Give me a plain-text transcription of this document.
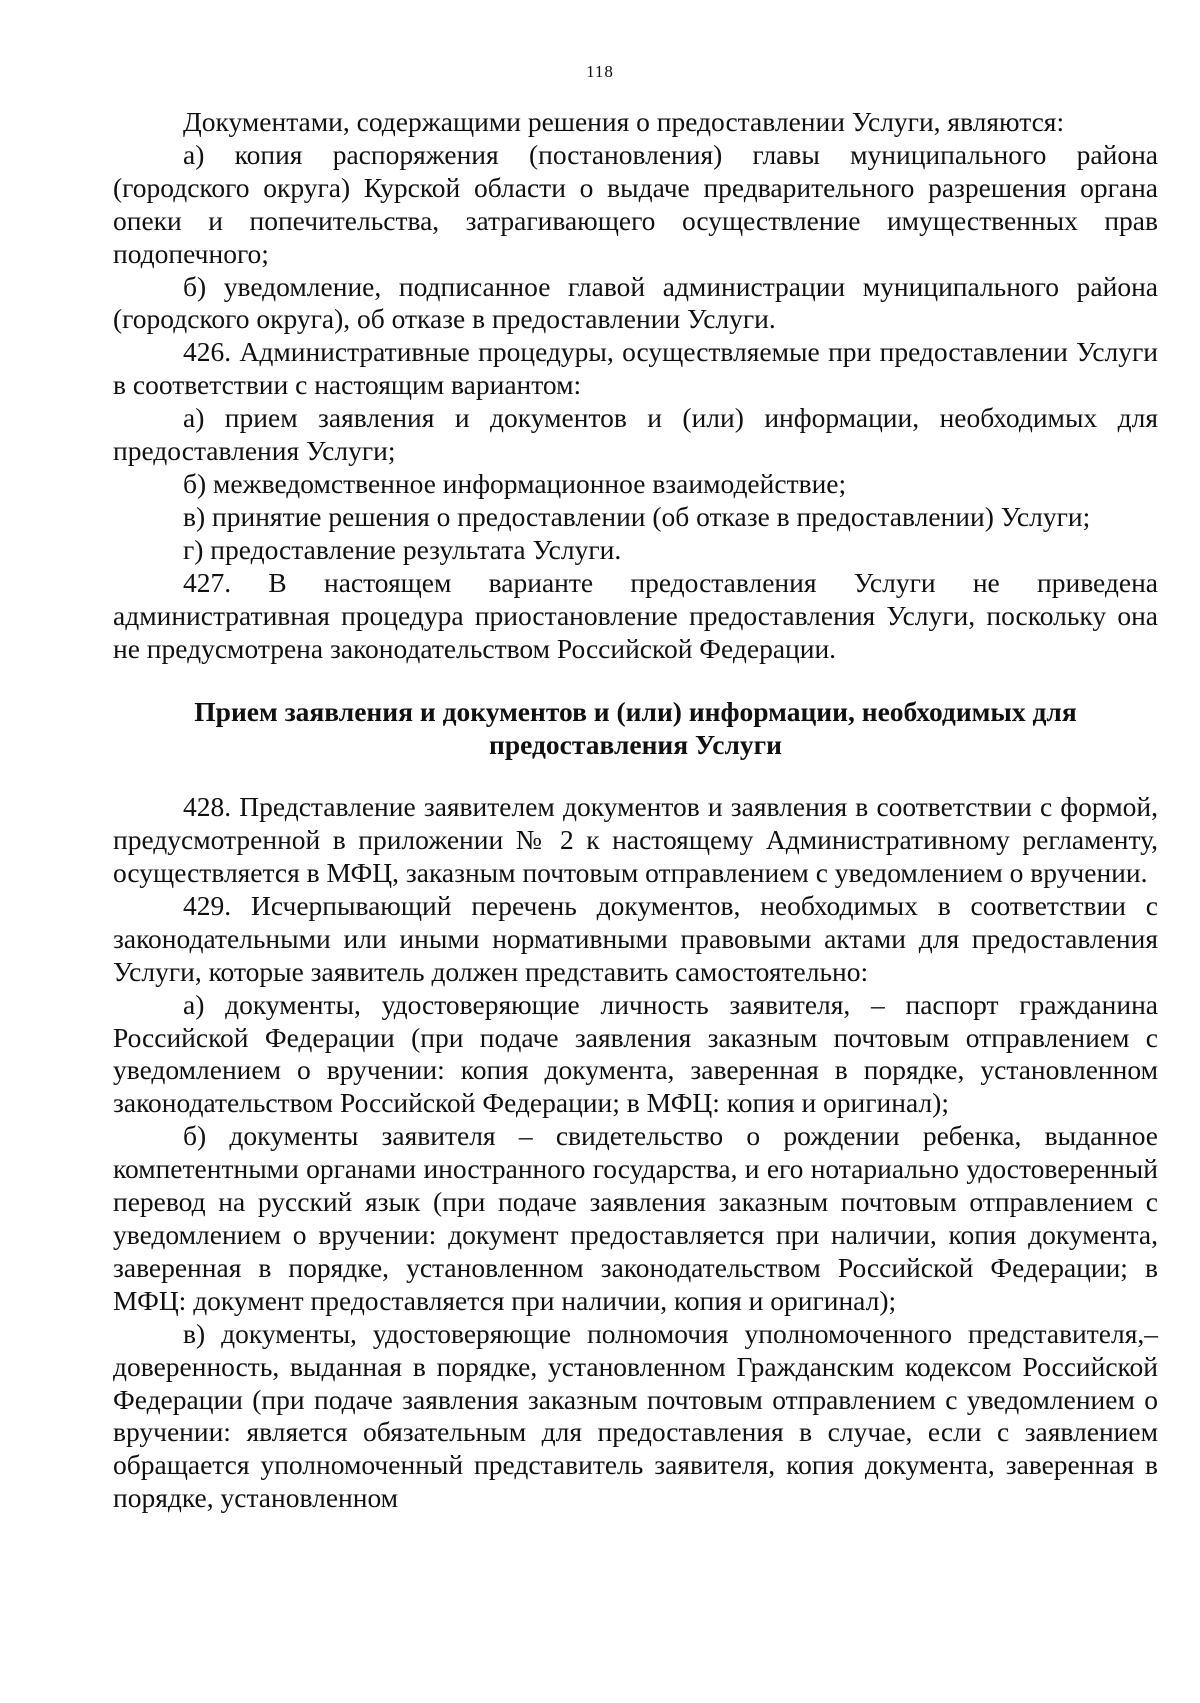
118

Документами, содержащими решения о предоставлении Услуги, являются:

а) копия распоряжения (постановления) главы муниципального района (городского округа) Курской области о выдаче предварительного разрешения органа опеки и попечительства, затрагивающего осуществление имущественных прав подопечного;

б) уведомление, подписанное главой администрации муниципального района (городского округа), об отказе в предоставлении Услуги.

426. Административные процедуры, осуществляемые при предоставлении Услуги в соответствии с настоящим вариантом:

а) прием заявления и документов и (или) информации, необходимых для предоставления Услуги;

б) межведомственное информационное взаимодействие;

в) принятие решения о предоставлении (об отказе в предоставлении) Услуги;

г) предоставление результата Услуги.

427. В настоящем варианте предоставления Услуги не приведена административная процедура приостановление предоставления Услуги, поскольку она не предусмотрена законодательством Российской Федерации.

Прием заявления и документов и (или) информации, необходимых для
предоставления Услуги

428. Представление заявителем документов и заявления в соответствии с формой, предусмотренной в приложении № 2 к настоящему Административному регламенту, осуществляется в МФЦ, заказным почтовым отправлением с уведомлением о вручении.

429. Исчерпывающий перечень документов, необходимых в соответствии с законодательными или иными нормативными правовыми актами для предоставления Услуги, которые заявитель должен представить самостоятельно:

а) документы, удостоверяющие личность заявителя, – паспорт гражданина Российской Федерации (при подаче заявления заказным почтовым отправлением с уведомлением о вручении: копия документа, заверенная в порядке, установленном законодательством Российской Федерации; в МФЦ: копия и оригинал);

б) документы заявителя – свидетельство о рождении ребенка, выданное компетентными органами иностранного государства, и его нотариально удостоверенный перевод на русский язык (при подаче заявления заказным почтовым отправлением с уведомлением о вручении: документ предоставляется при наличии, копия документа, заверенная в порядке, установленном законодательством Российской Федерации; в МФЦ: документ предоставляется при наличии, копия и оригинал);

в) документы, удостоверяющие полномочия уполномоченного представителя,– доверенность, выданная в порядке, установленном Гражданским кодексом Российской Федерации (при подаче заявления заказным почтовым отправлением с уведомлением о вручении: является обязательным для предоставления в случае, если с заявлением обращается уполномоченный представитель заявителя, копия документа, заверенная в порядке, установленном
